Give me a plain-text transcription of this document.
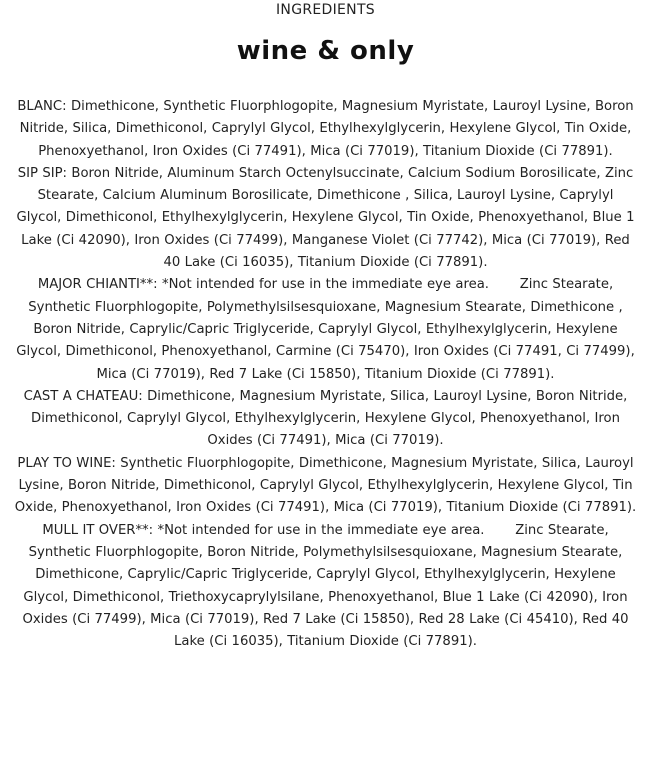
INGREDIENTS
wine & only
BLANC: Dimethicone, Synthetic Fluorphlogopite, Magnesium Myristate, Lauroyl Lysine, Boron Nitride, Silica, Dimethiconol, Caprylyl Glycol, Ethylhexylglycerin, Hexylene Glycol, Tin Oxide, Phenoxyethanol, Iron Oxides (Ci 77491), Mica (Ci 77019), Titanium Dioxide (Ci 77891).
SIP SIP: Boron Nitride, Aluminum Starch Octenylsuccinate, Calcium Sodium Borosilicate, Zinc Stearate, Calcium Aluminum Borosilicate, Dimethicone , Silica, Lauroyl Lysine, Caprylyl Glycol, Dimethiconol, Ethylhexylglycerin, Hexylene Glycol, Tin Oxide, Phenoxyethanol, Blue 1 Lake (Ci 42090), Iron Oxides (Ci 77499), Manganese Violet (Ci 77742), Mica (Ci 77019), Red 40 Lake (Ci 16035), Titanium Dioxide (Ci 77891).
MAJOR CHIANTI**: *Not intended for use in the immediate eye area. Zinc Stearate, Synthetic Fluorphlogopite, Polymethylsilsesquioxane, Magnesium Stearate, Dimethicone , Boron Nitride, Caprylic/Capric Triglyceride, Caprylyl Glycol, Ethylhexylglycerin, Hexylene Glycol, Dimethiconol, Phenoxyethanol, Carmine (Ci 75470), Iron Oxides (Ci 77491, Ci 77499), Mica (Ci 77019), Red 7 Lake (Ci 15850), Titanium Dioxide (Ci 77891).
CAST A CHATEAU: Dimethicone, Magnesium Myristate, Silica, Lauroyl Lysine, Boron Nitride, Dimethiconol, Caprylyl Glycol, Ethylhexylglycerin, Hexylene Glycol, Phenoxyethanol, Iron Oxides (Ci 77491), Mica (Ci 77019).
PLAY TO WINE: Synthetic Fluorphlogopite, Dimethicone, Magnesium Myristate, Silica, Lauroyl Lysine, Boron Nitride, Dimethiconol, Caprylyl Glycol, Ethylhexylglycerin, Hexylene Glycol, Tin Oxide, Phenoxyethanol, Iron Oxides (Ci 77491), Mica (Ci 77019), Titanium Dioxide (Ci 77891).
MULL IT OVER**: *Not intended for use in the immediate eye area. Zinc Stearate, Synthetic Fluorphlogopite, Boron Nitride, Polymethylsilsesquioxane, Magnesium Stearate, Dimethicone, Caprylic/Capric Triglyceride, Caprylyl Glycol, Ethylhexylglycerin, Hexylene Glycol, Dimethiconol, Triethoxycaprylylsilane, Phenoxyethanol, Blue 1 Lake (Ci 42090), Iron Oxides (Ci 77499), Mica (Ci 77019), Red 7 Lake (Ci 15850), Red 28 Lake (Ci 45410), Red 40 Lake (Ci 16035), Titanium Dioxide (Ci 77891).
